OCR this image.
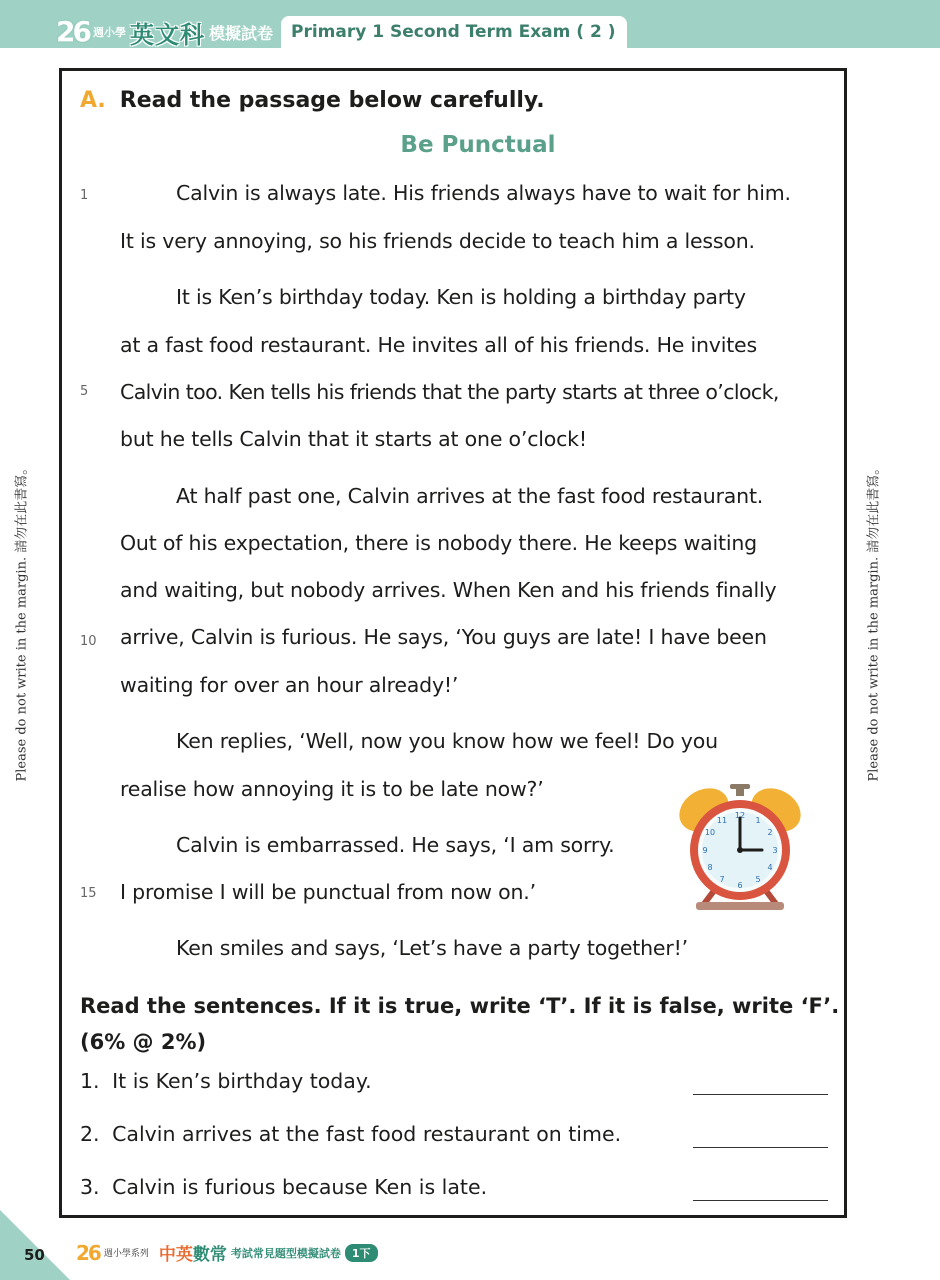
26 週小學 英文科 模擬試卷	Primary 1 Second Term Exam ( 2 )
A. Read the passage below carefully.
Be Punctual
1
5
10
15
Calvin is always late. His friends always have to wait for him.
It is very annoying, so his friends decide to teach him a lesson.
It is Ken’s birthday today. Ken is holding a birthday party
at a fast food restaurant. He invites all of his friends. He invites
Calvin too. Ken tells his friends that the party starts at three o’clock,
but he tells Calvin that it starts at one o’clock!
At half past one, Calvin arrives at the fast food restaurant.
Out of his expectation, there is nobody there. He keeps waiting
and waiting, but nobody arrives. When Ken and his friends finally
arrive, Calvin is furious. He says, ‘You guys are late! I have been
waiting for over an hour already!’
Ken replies, ‘Well, now you know how we feel! Do you
realise how annoying it is to be late now?’
Calvin is embarrassed. He says, ‘I am sorry.
I promise I will be punctual from now on.’
Ken smiles and says, ‘Let’s have a party together!’
12
1
2
3
4
5
6
7
8
9
10
11
Please do not write in the margin. 請勿在此書寫。	Please do not write in the margin. 請勿在此書寫。
Read the sentences. If it is true, write ‘T’. If it is false, write ‘F’. (6% @ 2%)
1. It is Ken’s birthday today.
2. Calvin arrives at the fast food restaurant on time.
3. Calvin is furious because Ken is late.
50 26 週小學系列 中英 數常 考試常見題型模擬試卷	1下
